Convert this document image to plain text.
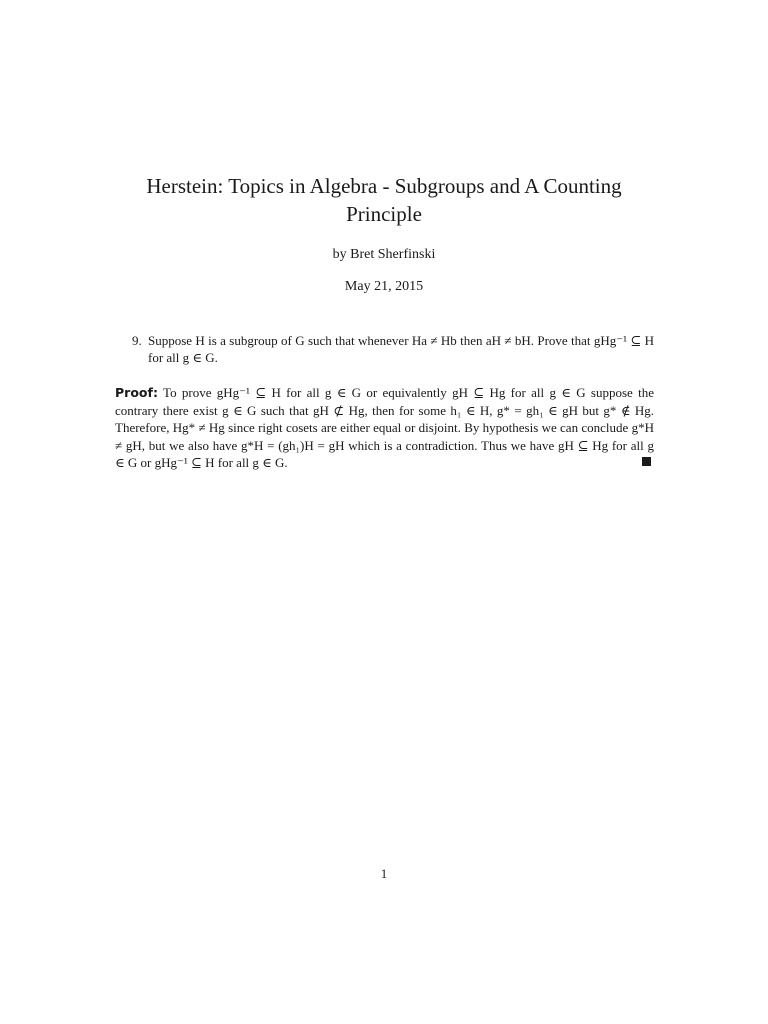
Herstein: Topics in Algebra - Subgroups and A Counting Principle
by Bret Sherfinski
May 21, 2015
9. Suppose H is a subgroup of G such that whenever Ha ≠ Hb then aH ≠ bH. Prove that gHg⁻¹ ⊆ H for all g ∈ G.
Proof: To prove gHg⁻¹ ⊆ H for all g ∈ G or equivalently gH ⊆ Hg for all g ∈ G suppose the contrary there exist g ∈ G such that gH ⊄ Hg, then for some h₁ ∈ H, g* = gh₁ ∈ gH but g* ∉ Hg. Therefore, Hg* ≠ Hg since right cosets are either equal or disjoint. By hypothesis we can conclude g*H ≠ gH, but we also have g*H = (gh₁)H = gH which is a contradiction. Thus we have gH ⊆ Hg for all g ∈ G or gHg⁻¹ ⊆ H for all g ∈ G.
1
